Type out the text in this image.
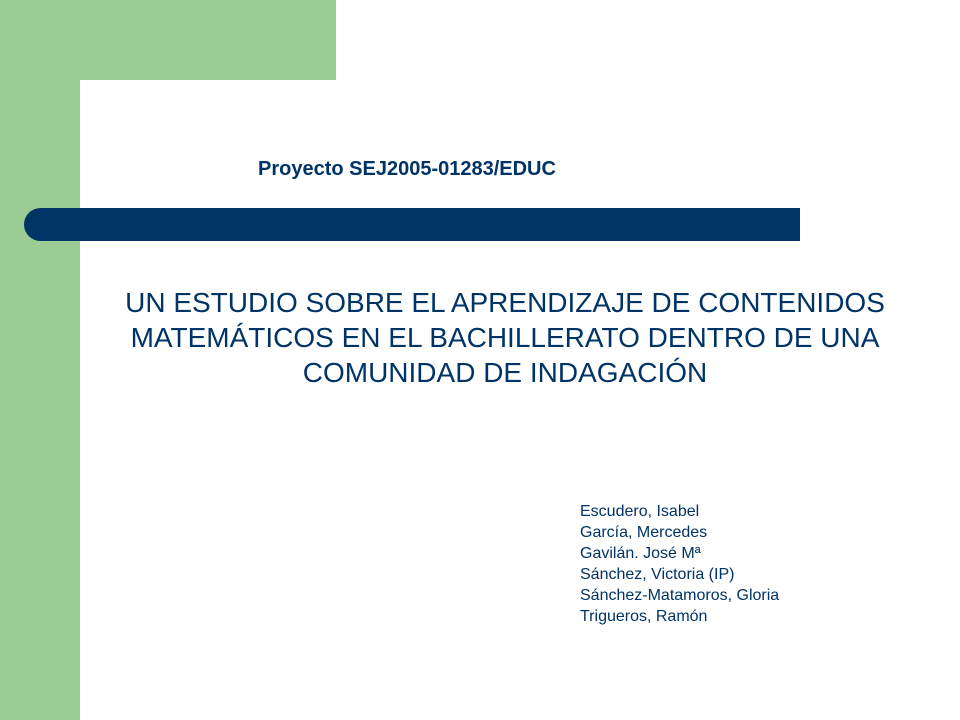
Proyecto SEJ2005-01283/EDUC
UN ESTUDIO SOBRE EL APRENDIZAJE DE CONTENIDOS MATEMÁTICOS EN EL BACHILLERATO DENTRO DE UNA COMUNIDAD DE INDAGACIÓN
Escudero, Isabel
García, Mercedes
Gavilán. José Mª
Sánchez, Victoria (IP)
Sánchez-Matamoros, Gloria
Trigueros, Ramón
